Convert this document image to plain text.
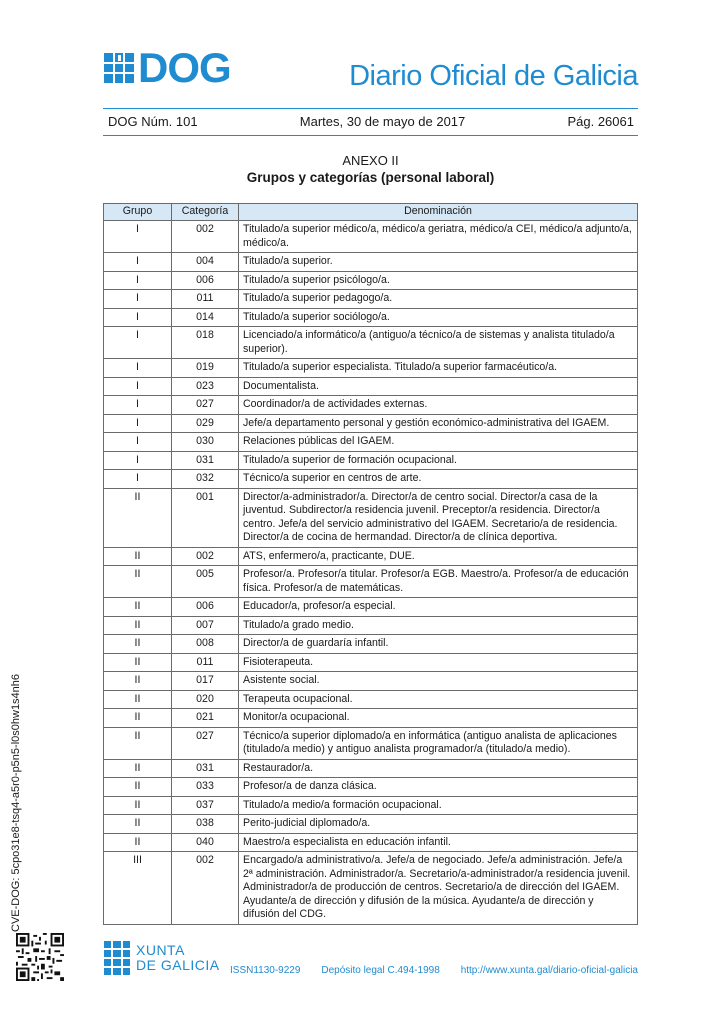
DOG	Diario Oficial de Galicia
DOG Núm. 101	Martes, 30 de mayo de 2017	Pág. 26061
ANEXO II
Grupos y categorías (personal laboral)
Grupo	Categoría	Denominación
I	002	Titulado/a superior médico/a, médico/a geriatra, médico/a CEI, médico/a adjunto/a, médico/a.
I	004	Titulado/a superior.
I	006	Titulado/a superior psicólogo/a.
I	011	Titulado/a superior pedagogo/a.
I	014	Titulado/a superior sociólogo/a.
I	018	Licenciado/a informático/a (antiguo/a técnico/a de sistemas y analista titulado/a superior).
I	019	Titulado/a superior especialista. Titulado/a superior farmacéutico/a.
I	023	Documentalista.
I	027	Coordinador/a de actividades externas.
I	029	Jefe/a departamento personal y gestión económico-administrativa del IGAEM.
I	030	Relaciones públicas del IGAEM.
I	031	Titulado/a superior de formación ocupacional.
I	032	Técnico/a superior en centros de arte.
II	001	Director/a-administrador/a. Director/a de centro social. Director/a casa de la juventud. Subdirector/a residencia juvenil. Preceptor/a residencia. Director/a centro. Jefe/a del servicio administrativo del IGAEM. Secretario/a de residencia. Director/a de cocina de hermandad. Director/a de clínica deportiva.
II	002	ATS, enfermero/a, practicante, DUE.
II	005	Profesor/a. Profesor/a titular. Profesor/a EGB. Maestro/a. Profesor/a de educación física. Profesor/a de matemáticas.
II	006	Educador/a, profesor/a especial.
II	007	Titulado/a grado medio.
II	008	Director/a de guardaría infantil.
II	011	Fisioterapeuta.
II	017	Asistente social.
II	020	Terapeuta ocupacional.
II	021	Monitor/a ocupacional.
II	027	Técnico/a superior diplomado/a en informática (antiguo analista de aplicaciones (titulado/a medio) y antiguo analista programador/a (titulado/a medio).
II	031	Restaurador/a.
II	033	Profesor/a de danza clásica.
II	037	Titulado/a medio/a formación ocupacional.
II	038	Perito-judicial diplomado/a.
II	040	Maestro/a especialista en educación infantil.
III	002	Encargado/a administrativo/a. Jefe/a de negociado. Jefe/a administración. Jefe/a 2ª administración. Administrador/a. Secretario/a-administrador/a residencia juvenil. Administrador/a de producción de centros. Secretario/a de dirección del IGAEM. Ayudante/a de dirección y difusión de la música. Ayudante/a de dirección y difusión del CDG.
CVE-DOG: 5cpo31e8-tsq4-a5r0-p5n5-l0s0hw1s4nh6
XUNTA
DE GALICIA ISSN1130-9229 Depósito legal C.494-1998 http://www.xunta.gal/diario-oficial-galicia
